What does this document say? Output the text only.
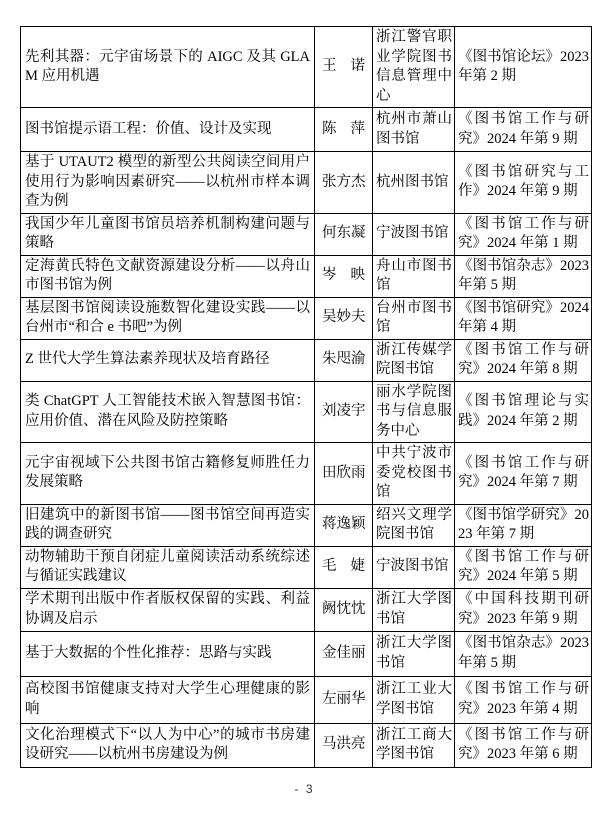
先利其器：元宇宙场景下的 AIGC 及其 GLAM 应用机遇	王 诺	浙江警官职业学院图书信息管理中心	《图书馆论坛》2023 年第 2 期
图书馆提示语工程：价值、设计及实现	陈 萍	杭州市萧山图书馆	《图书馆工作与研究》2024 年第 9 期
基于 UTAUT2 模型的新型公共阅读空间用户使用行为影响因素研究——以杭州市样本调查为例	张方杰	杭州图书馆	《图书馆研究与工作》2024 年第 9 期
我国少年儿童图书馆员培养机制构建问题与策略	何东凝	宁波图书馆	《图书馆工作与研究》2024 年第 1 期
定海黄氏特色文献资源建设分析——以舟山市图书馆为例	岑 映	舟山市图书馆	《图书馆杂志》2023 年第 5 期
基层图书馆阅读设施数智化建设实践——以台州市“和合 e 书吧”为例	吴妙夫	台州市图书馆	《图书馆研究》2024 年第 4 期
Z 世代大学生算法素养现状及培育路径	朱咫渝	浙江传媒学院图书馆	《图书馆工作与研究》2024 年第 8 期
类 ChatGPT 人工智能技术嵌入智慧图书馆：应用价值、潜在风险及防控策略	刘凌宇	丽水学院图书与信息服务中心	《图书馆理论与实践》2024 年第 2 期
元宇宙视域下公共图书馆古籍修复师胜任力发展策略	田欣雨	中共宁波市委党校图书馆	《图书馆工作与研究》2024 年第 7 期
旧建筑中的新图书馆——图书馆空间再造实践的调查研究	蒋逸颖	绍兴文理学院图书馆	《图书馆学研究》2023 年第 7 期
动物辅助干预自闭症儿童阅读活动系统综述与循证实践建议	毛 婕	宁波图书馆	《图书馆工作与研究》2024 年第 5 期
学术期刊出版中作者版权保留的实践、利益协调及启示	阙忱忱	浙江大学图书馆	《中国科技期刊研究》2023 年第 9 期
基于大数据的个性化推荐：思路与实践	金佳丽	浙江大学图书馆	《图书馆杂志》2023 年第 5 期
高校图书馆健康支持对大学生心理健康的影响	左丽华	浙江工业大学图书馆	《图书馆工作与研究》2023 年第 4 期
文化治理模式下“以人为中心”的城市书房建设研究——以杭州书房建设为例	马洪亮	浙江工商大学图书馆	《图书馆工作与研究》2023 年第 6 期
- 3
